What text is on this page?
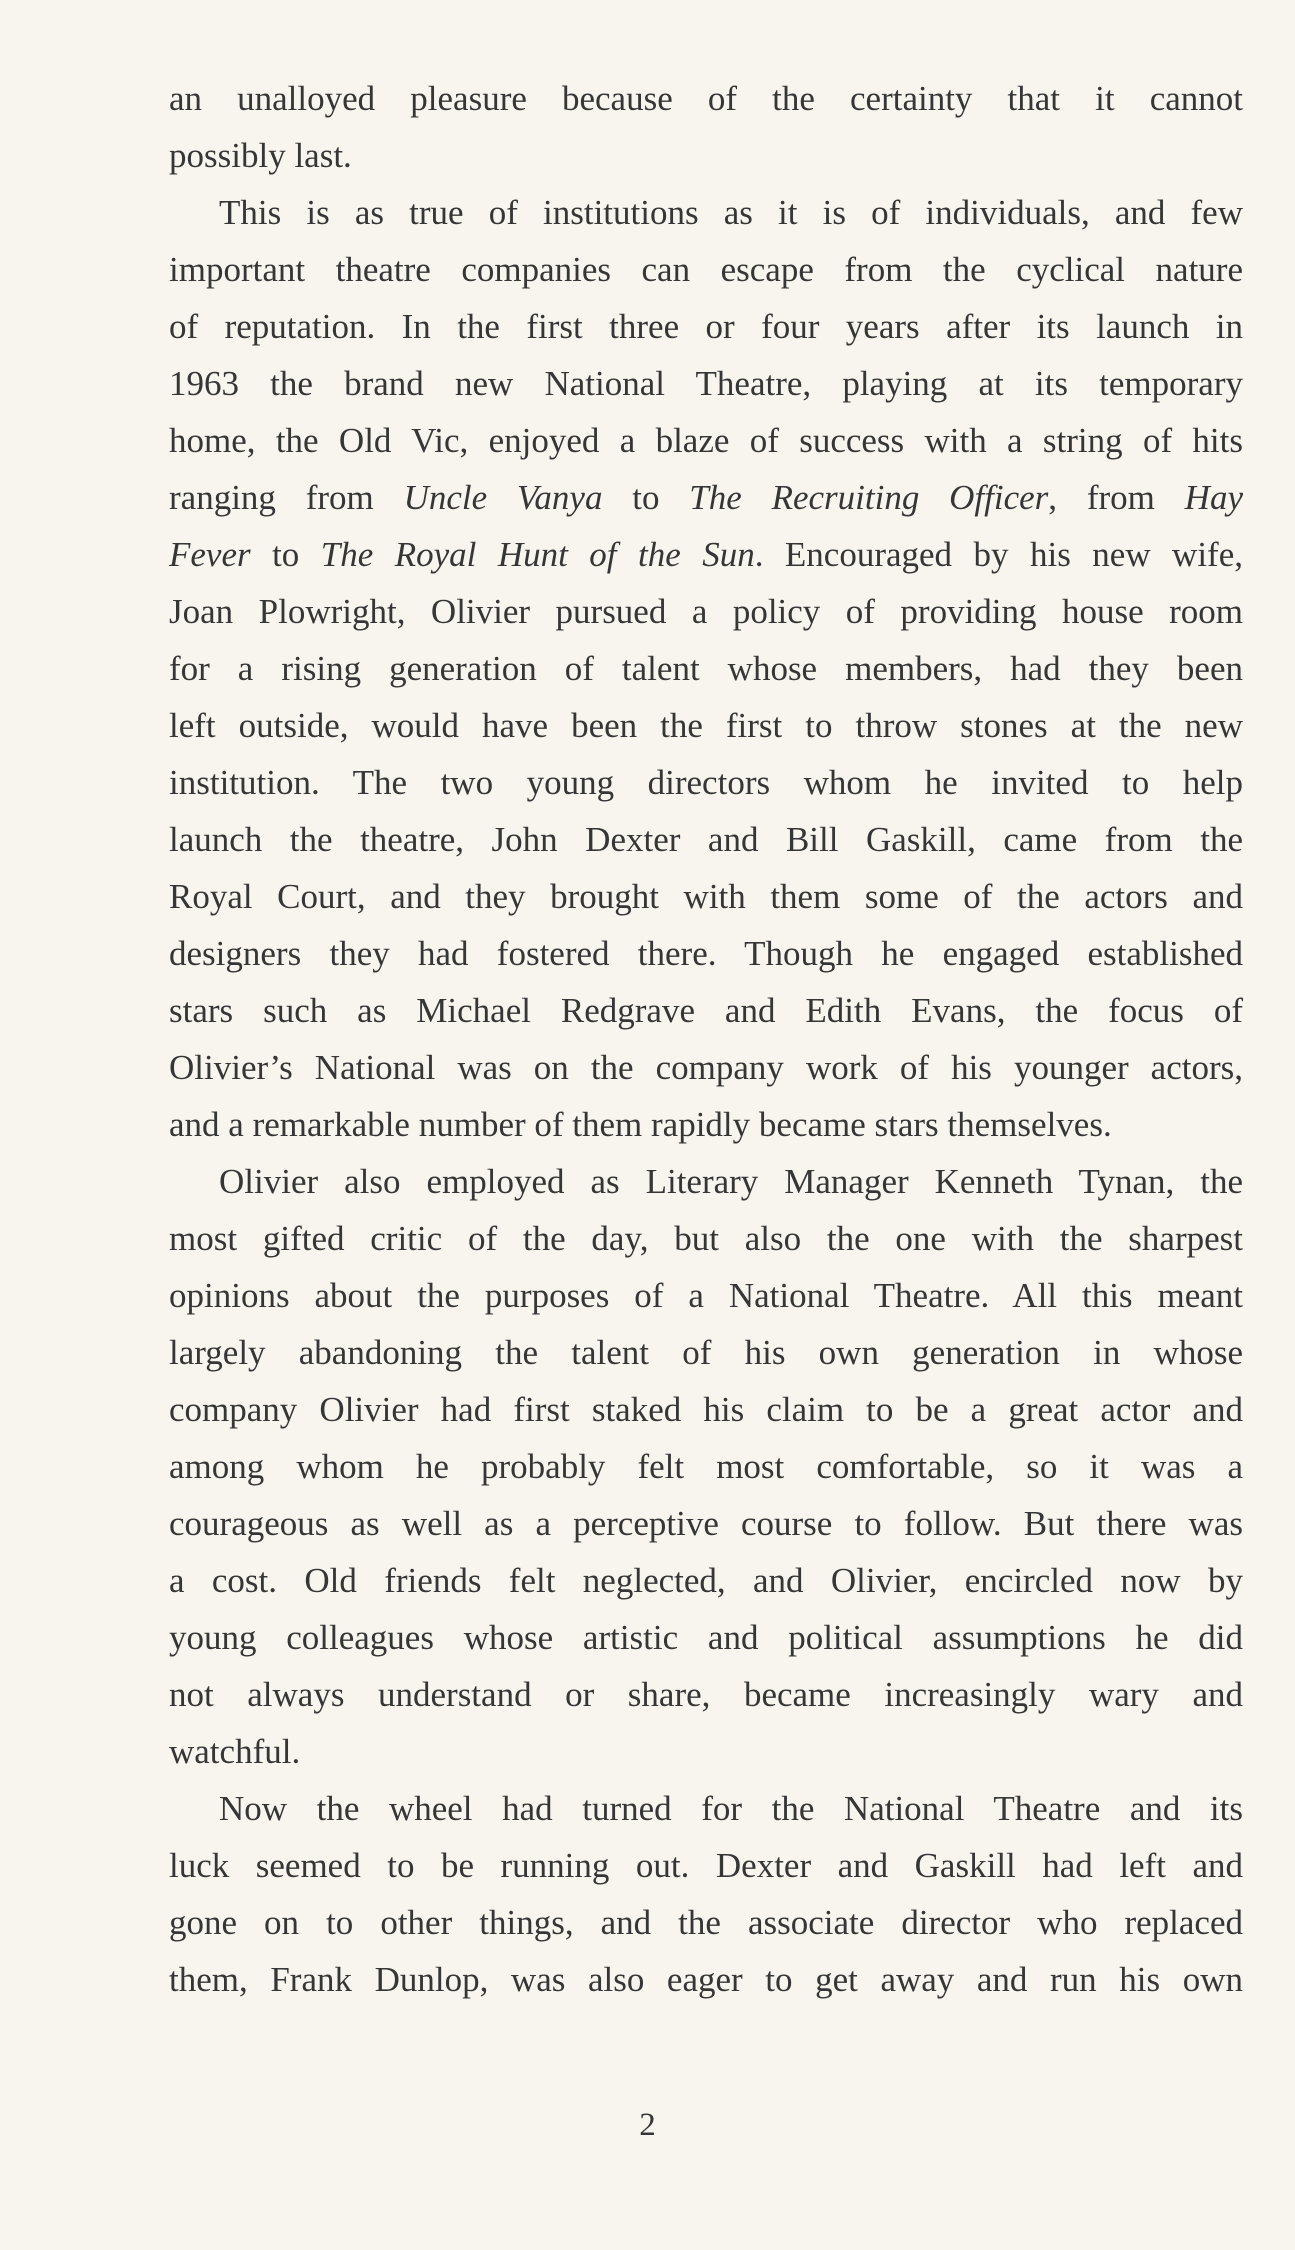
an unalloyed pleasure because of the certainty that it cannot
possibly last.
This is as true of institutions as it is of individuals, and few
important theatre companies can escape from the cyclical nature
of reputation. In the first three or four years after its launch in
1963 the brand new National Theatre, playing at its temporary
home, the Old Vic, enjoyed a blaze of success with a string of hits
ranging from Uncle Vanya to The Recruiting Officer, from Hay
Fever to The Royal Hunt of the Sun. Encouraged by his new wife,
Joan Plowright, Olivier pursued a policy of providing house room
for a rising generation of talent whose members, had they been
left outside, would have been the first to throw stones at the new
institution. The two young directors whom he invited to help
launch the theatre, John Dexter and Bill Gaskill, came from the
Royal Court, and they brought with them some of the actors and
designers they had fostered there. Though he engaged established
stars such as Michael Redgrave and Edith Evans, the focus of
Olivier’s National was on the company work of his younger actors,
and a remarkable number of them rapidly became stars themselves.
Olivier also employed as Literary Manager Kenneth Tynan, the
most gifted critic of the day, but also the one with the sharpest
opinions about the purposes of a National Theatre. All this meant
largely abandoning the talent of his own generation in whose
company Olivier had first staked his claim to be a great actor and
among whom he probably felt most comfortable, so it was a
courageous as well as a perceptive course to follow. But there was
a cost. Old friends felt neglected, and Olivier, encircled now by
young colleagues whose artistic and political assumptions he did
not always understand or share, became increasingly wary and
watchful.
Now the wheel had turned for the National Theatre and its
luck seemed to be running out. Dexter and Gaskill had left and
gone on to other things, and the associate director who replaced
them, Frank Dunlop, was also eager to get away and run his own
2
